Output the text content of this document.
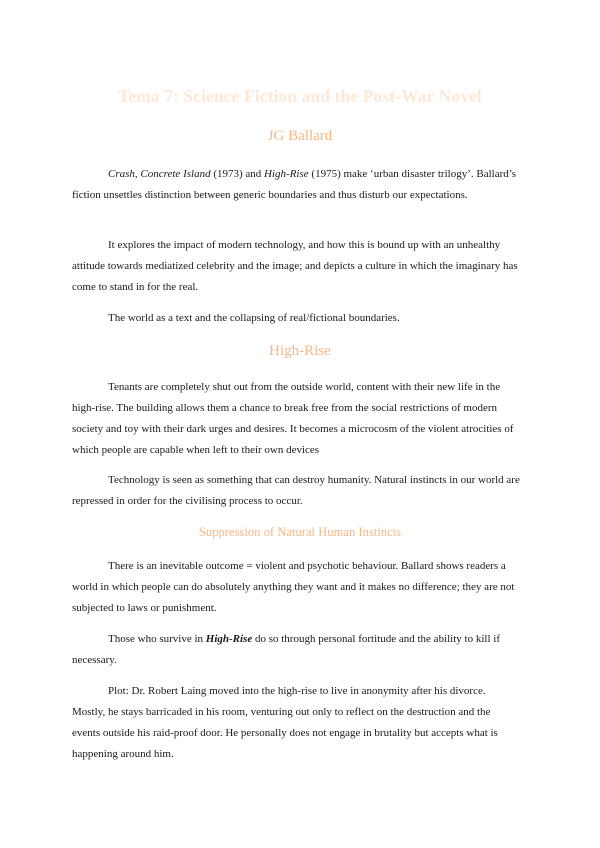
Tema 7: Science Fiction and the Post-War Novel
JG Ballard

Crash, Concrete Island (1973) and High-Rise (1975) make ‘urban disaster trilogy’. Ballard’s fiction unsettles distinction between generic boundaries and thus disturb our expectations.

It explores the impact of modern technology, and how this is bound up with an unhealthy attitude towards mediatized celebrity and the image; and depicts a culture in which the imaginary has come to stand in for the real.

The world as a text and the collapsing of real/fictional boundaries.

High-Rise

Tenants are completely shut out from the outside world, content with their new life in the high-rise. The building allows them a chance to break free from the social restrictions of modern society and toy with their dark urges and desires. It becomes a microcosm of the violent atrocities of which people are capable when left to their own devices

Technology is seen as something that can destroy humanity. Natural instincts in our world are repressed in order for the civilising process to occur.

Suppression of Natural Human Instincts

There is an inevitable outcome = violent and psychotic behaviour. Ballard shows readers a world in which people can do absolutely anything they want and it makes no difference; they are not subjected to laws or punishment.

Those who survive in High-Rise do so through personal fortitude and the ability to kill if necessary.

Plot: Dr. Robert Laing moved into the high-rise to live in anonymity after his divorce. Mostly, he stays barricaded in his room, venturing out only to reflect on the destruction and the events outside his raid-proof door. He personally does not engage in brutality but accepts what is happening around him.
